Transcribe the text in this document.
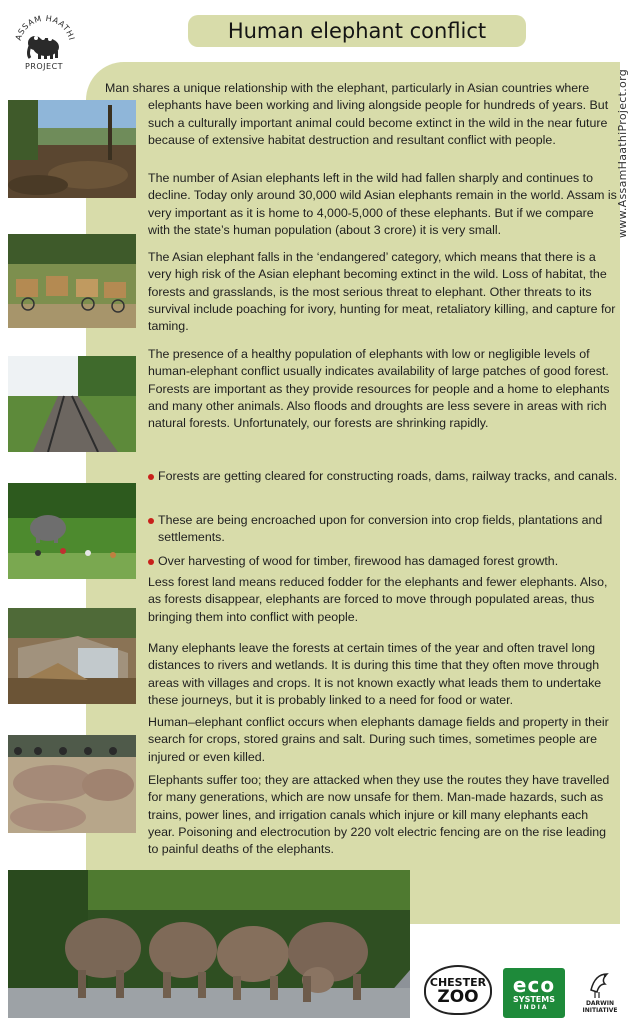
ASSAM HAATHI
PROJECT
Human elephant conflict
www.AssamHaathiProject.org
Man shares a unique relationship with the elephant, particularly in Asian countries where elephants have been working and living alongside people for hundreds of years. But such a culturally important animal could become extinct in the wild in the near future because of extensive habitat destruction and resultant conflict with people.
The number of Asian elephants left in the wild had fallen sharply and continues to decline. Today only around 30,000 wild Asian elephants remain in the world. Assam is very important as it is home to 4,000-5,000 of these elephants. But if we compare with the state’s human population (about 3 crore) it is very small.
The Asian elephant falls in the ‘endangered’ category, which means that there is a very high risk of the Asian elephant becoming extinct in the wild. Loss of habitat, the forests and grasslands, is the most serious threat to elephant. Other threats to its survival include poaching for ivory, hunting for meat, retaliatory killing, and capture for taming.
The presence of a healthy population of elephants with low or negligible levels of human-elephant conflict usually indicates availability of large patches of good forest. Forests are important as they provide resources for people and a home to elephants and many other animals. Also floods and droughts are less severe in areas with rich natural forests. Unfortunately, our forests are shrinking rapidly.
Forests are getting cleared for constructing roads, dams, railway tracks, and canals.
These are being encroached upon for conversion into crop fields, plantations and settlements.
Over harvesting of wood for timber, firewood has damaged forest growth.
Less forest land means reduced fodder for the elephants and fewer elephants. Also, as forests disappear, elephants are forced to move through populated areas, thus bringing them into conflict with people.
Many elephants leave the forests at certain times of the year and often travel long distances to rivers and wetlands. It is during this time that they often move through areas with villages and crops. It is not known exactly what leads them to undertake these journeys, but it is probably linked to a need for food or water.
Human–elephant conflict occurs when elephants damage fields and property in their search for crops, stored grains and salt. During such times, sometimes people are injured or even killed.
Elephants suffer too; they are attacked when they use the routes they have travelled for many generations, which are now unsafe for them. Man-made hazards, such as trains, power lines, and irrigation canals which injure or kill many elephants each year. Poisoning and electrocution by 220 volt electric fencing are on the rise leading to painful deaths of the elephants.
CHESTER
ZOO eco
SYSTEMS
INDIA
DARWIN
INITIATIVE
